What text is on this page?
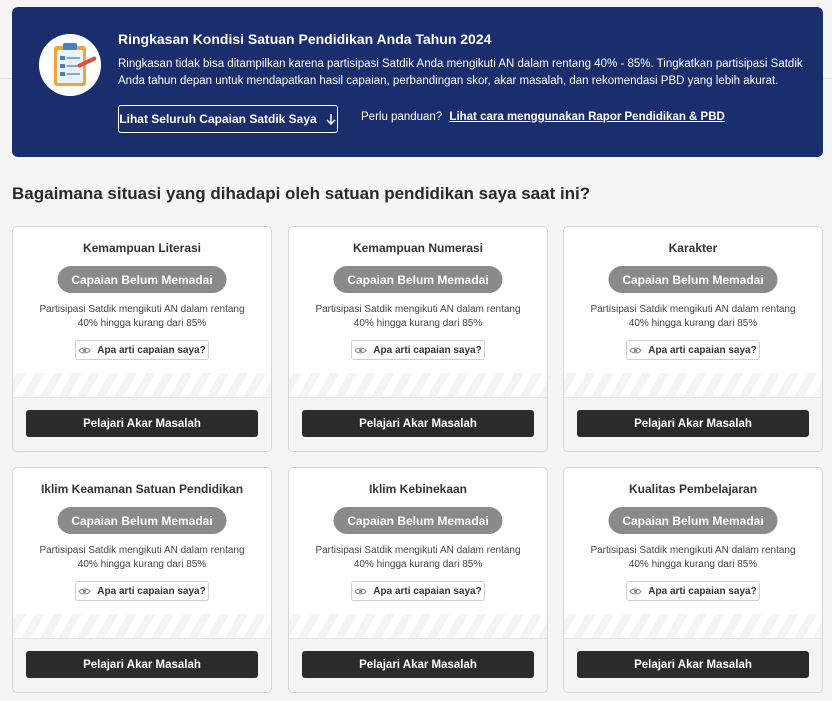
Ringkasan Kondisi Satuan Pendidikan Anda Tahun 2024
Ringkasan tidak bisa ditampilkan karena partisipasi Satdik Anda mengikuti AN dalam rentang 40% - 85%. Tingkatkan partisipasi Satdik Anda tahun depan untuk mendapatkan hasil capaian, perbandingan skor, akar masalah, dan rekomendasi PBD yang lebih akurat.
Lihat Seluruh Capaian Satdik Saya	Perlu panduan? Lihat cara menggunakan Rapor Pendidikan & PBD
Bagaimana situasi yang dihadapi oleh satuan pendidikan saya saat ini?
Kemampuan Literasi
Capaian Belum Memadai
Partisipasi Satdik mengikuti AN dalam rentang
40% hingga kurang dari 85%
Apa arti capaian saya?
Pelajari Akar Masalah
Kemampuan Numerasi
Capaian Belum Memadai
Partisipasi Satdik mengikuti AN dalam rentang
40% hingga kurang dari 85%
Apa arti capaian saya?
Pelajari Akar Masalah
Karakter
Capaian Belum Memadai
Partisipasi Satdik mengikuti AN dalam rentang
40% hingga kurang dari 85%
Apa arti capaian saya?
Pelajari Akar Masalah
Iklim Keamanan Satuan Pendidikan
Capaian Belum Memadai
Partisipasi Satdik mengikuti AN dalam rentang
40% hingga kurang dari 85%
Apa arti capaian saya?
Pelajari Akar Masalah
Iklim Kebinekaan
Capaian Belum Memadai
Partisipasi Satdik mengikuti AN dalam rentang
40% hingga kurang dari 85%
Apa arti capaian saya?
Pelajari Akar Masalah
Kualitas Pembelajaran
Capaian Belum Memadai
Partisipasi Satdik mengikuti AN dalam rentang
40% hingga kurang dari 85%
Apa arti capaian saya?
Pelajari Akar Masalah
